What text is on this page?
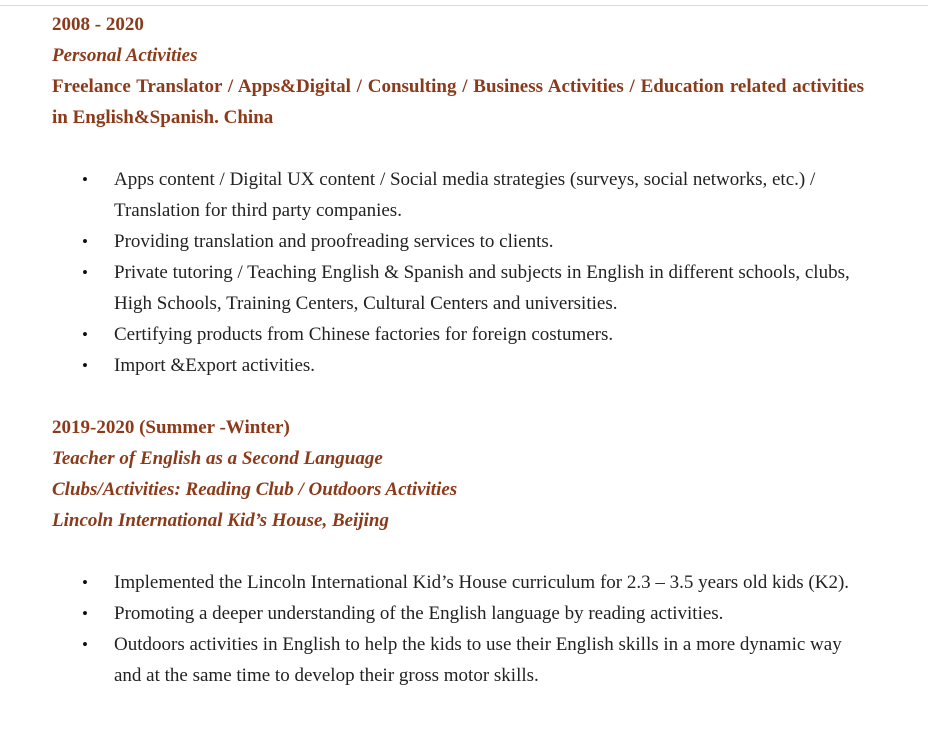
2008 - 2020
Personal Activities
Freelance Translator / Apps&Digital / Consulting / Business Activities / Education related activities in English&Spanish. China
• Apps content / Digital UX content / Social media strategies (surveys, social networks, etc.) / Translation for third party companies.
• Providing translation and proofreading services to clients.
• Private tutoring / Teaching English & Spanish and subjects in English in different schools, clubs, High Schools, Training Centers, Cultural Centers and universities.
• Certifying products from Chinese factories for foreign costumers.
• Import &Export activities.
2019-2020 (Summer -Winter)
Teacher of English as a Second Language
Clubs/Activities: Reading Club / Outdoors Activities
Lincoln International Kid’s House, Beijing
• Implemented the Lincoln International Kid’s House curriculum for 2.3 – 3.5 years old kids (K2).
• Promoting a deeper understanding of the English language by reading activities.
• Outdoors activities in English to help the kids to use their English skills in a more dynamic way and at the same time to develop their gross motor skills.
